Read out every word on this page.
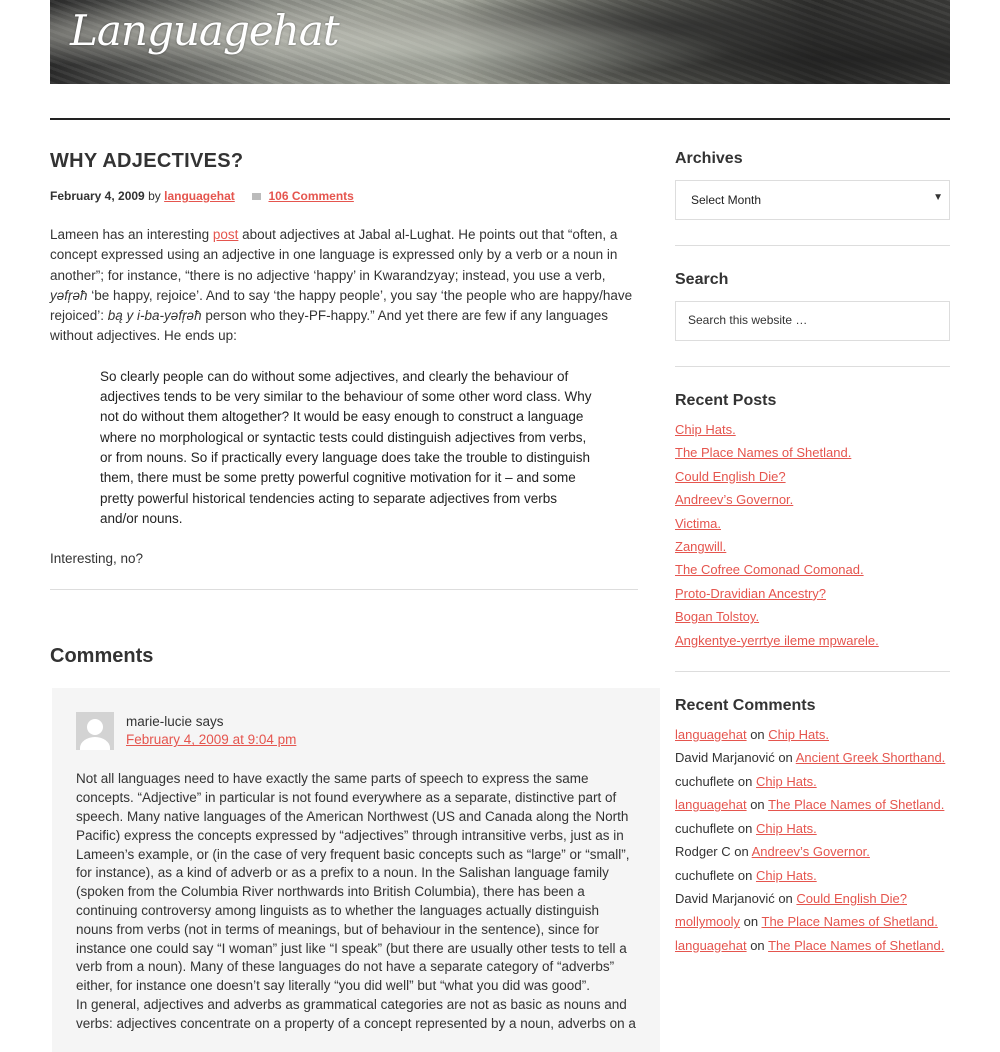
Languagehat
WHY ADJECTIVES?
February 4, 2009 by languagehat	106 Comments

Lameen has an interesting post about adjectives at Jabal al-Lughat. He points out that “often, a concept expressed using an adjective in one language is expressed only by a verb or a noun in another”; for instance, “there is no adjective ‘happy’ in Kwarandzyay; instead, you use a verb, yəfŗəħ ‘be happy, rejoice’. And to say ‘the happy people’, you say ‘the people who are happy/have rejoiced’: bą y i-ba-yəfŗəħ person who they-PF-happy.” And yet there are few if any languages without adjectives. He ends up:

So clearly people can do without some adjectives, and clearly the behaviour of adjectives tends to be very similar to the behaviour of some other word class. Why not do without them altogether? It would be easy enough to construct a language where no morphological or syntactic tests could distinguish adjectives from verbs, or from nouns. So if practically every language does take the trouble to distinguish them, there must be some pretty powerful cognitive motivation for it – and some pretty powerful historical tendencies acting to separate adjectives from verbs and/or nouns.

Interesting, no?

Comments
marie-lucie says
February 4, 2009 at 9:04 pm

Not all languages need to have exactly the same parts of speech to express the same concepts. “Adjective” in particular is not found everywhere as a separate, distinctive part of speech. Many native languages of the American Northwest (US and Canada along the North Pacific) express the concepts expressed by “adjectives” through intransitive verbs, just as in Lameen’s example, or (in the case of very frequent basic concepts such as “large” or “small”, for instance), as a kind of adverb or as a prefix to a noun. In the Salishan language family (spoken from the Columbia River northwards into British Columbia), there has been a continuing controversy among linguists as to whether the languages actually distinguish nouns from verbs (not in terms of meanings, but of behaviour in the sentence), since for instance one could say “I woman” just like “I speak” (but there are usually other tests to tell a verb from a noun). Many of these languages do not have a separate category of “adverbs” either, for instance one doesn’t say literally “you did well” but “what you did was good”.

In general, adjectives and adverbs as grammatical categories are not as basic as nouns and verbs: adjectives concentrate on a property of a concept represented by a noun, adverbs on a

Archives
Select Month	▼
Search
Search this website …
Recent Posts
Chip Hats.
The Place Names of Shetland.
Could English Die?
Andreev’s Governor.
Victima.
Zangwill.
The Cofree Comonad Comonad.
Proto-Dravidian Ancestry?
Bogan Tolstoy.
Angkentye-yerrtye ileme mpwarele.
Recent Comments
languagehat on Chip Hats.
David Marjanović on Ancient Greek Shorthand.
cuchuflete on Chip Hats.
languagehat on The Place Names of Shetland.
cuchuflete on Chip Hats.
Rodger C on Andreev’s Governor.
cuchuflete on Chip Hats.
David Marjanović on Could English Die?
mollymooly on The Place Names of Shetland.
languagehat on The Place Names of Shetland.
